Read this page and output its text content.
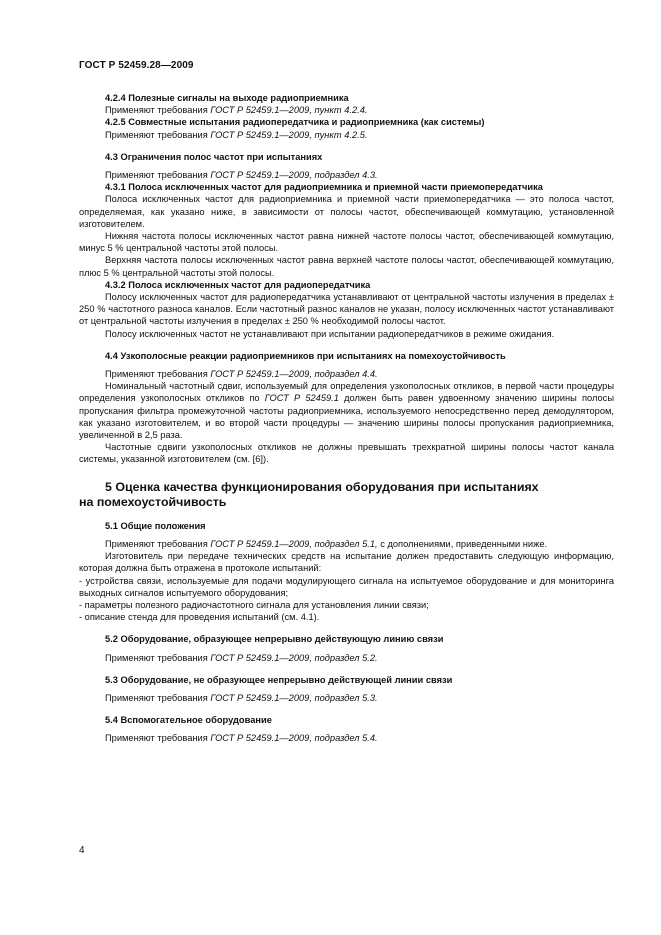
ГОСТ Р 52459.28—2009

4.2.4 Полезные сигналы на выходе радиоприемника

Применяют требования ГОСТ Р 52459.1—2009, пункт 4.2.4.

4.2.5 Совместные испытания радиопередатчика и радиоприемника (как системы)

Применяют требования ГОСТ Р 52459.1—2009, пункт 4.2.5.

4.3 Ограничения полос частот при испытаниях

Применяют требования ГОСТ Р 52459.1—2009, подраздел 4.3.

4.3.1 Полоса исключенных частот для радиоприемника и приемной части приемопередатчика

Полоса исключенных частот для радиоприемника и приемной части приемопередатчика — это полоса частот, определяемая, как указано ниже, в зависимости от полосы частот, обеспечивающей коммутацию, установленной изготовителем.

Нижняя частота полосы исключенных частот равна нижней частоте полосы частот, обеспечивающей коммутацию, минус 5 % центральной частоты этой полосы.

Верхняя частота полосы исключенных частот равна верхней частоте полосы частот, обеспечивающей коммутацию, плюс 5 % центральной частоты этой полосы.

4.3.2 Полоса исключенных частот для радиопередатчика

Полосу исключенных частот для радиопередатчика устанавливают от центральной частоты излучения в пределах ± 250 % частотного разноса каналов. Если частотный разнос каналов не указан, полосу исключенных частот устанавливают от центральной частоты излучения в пределах ± 250 % необходимой полосы частот.

Полосу исключенных частот не устанавливают при испытании радиопередатчиков в режиме ожидания.

4.4 Узкополосные реакции радиоприемников при испытаниях на помехоустойчивость

Применяют требования ГОСТ Р 52459.1—2009, подраздел 4.4.

Номинальный частотный сдвиг, используемый для определения узкополосных откликов, в первой части процедуры определения узкополосных откликов по ГОСТ Р 52459.1 должен быть равен удвоенному значению ширины полосы пропускания фильтра промежуточной частоты радиоприемника, используемого непосредственно перед демодулятором, как указано изготовителем, и во второй части процедуры — значению ширины полосы пропускания радиоприемника, увеличенной в 2,5 раза.

Частотные сдвиги узкополосных откликов не должны превышать трехкратной ширины полосы частот канала системы, указанной изготовителем (см. [6]).

5 Оценка качества функционирования оборудования при испытаниях
на помехоустойчивость

5.1 Общие положения

Применяют требования ГОСТ Р 52459.1—2009, подраздел 5.1, с дополнениями, приведенными ниже.

Изготовитель при передаче технических средств на испытание должен предоставить следующую информацию, которая должна быть отражена в протоколе испытаний:

- устройства связи, используемые для подачи модулирующего сигнала на испытуемое оборудование и для мониторинга выходных сигналов испытуемого оборудования;

- параметры полезного радиочастотного сигнала для установления линии связи;

- описание стенда для проведения испытаний (см. 4.1).

5.2 Оборудование, образующее непрерывно действующую линию связи

Применяют требования ГОСТ Р 52459.1—2009, подраздел 5.2.

5.3 Оборудование, не образующее непрерывно действующей линии связи

Применяют требования ГОСТ Р 52459.1—2009, подраздел 5.3.

5.4 Вспомогательное оборудование

Применяют требования ГОСТ Р 52459.1—2009, подраздел 5.4.

4
